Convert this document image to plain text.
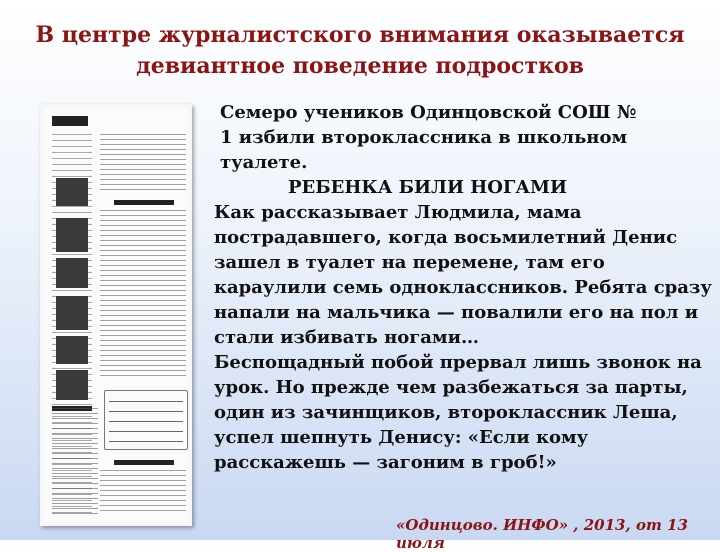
В центре журналистского внимания оказывается
девиантное поведение подростков
Семеро учеников Одинцовской СОШ №
1 избили второклассника в школьном
туалете.
РЕБЕНКА БИЛИ НОГАМИ
Как рассказывает Людмила, мама
пострадавшего, когда восьмилетний Денис
зашел в туалет на перемене, там его
караулили семь одноклассников. Ребята сразу
напали на мальчика — повалили его на пол и
стали избивать ногами…
Беспощадный побой прервал лишь звонок на
урок. Но прежде чем разбежаться за парты,
один из зачинщиков, второклассник Леша,
успел шепнуть Денису: «Если кому
расскажешь — загоним в гроб!»
«Одинцово. ИНФО» , 2013, от 13 июля
